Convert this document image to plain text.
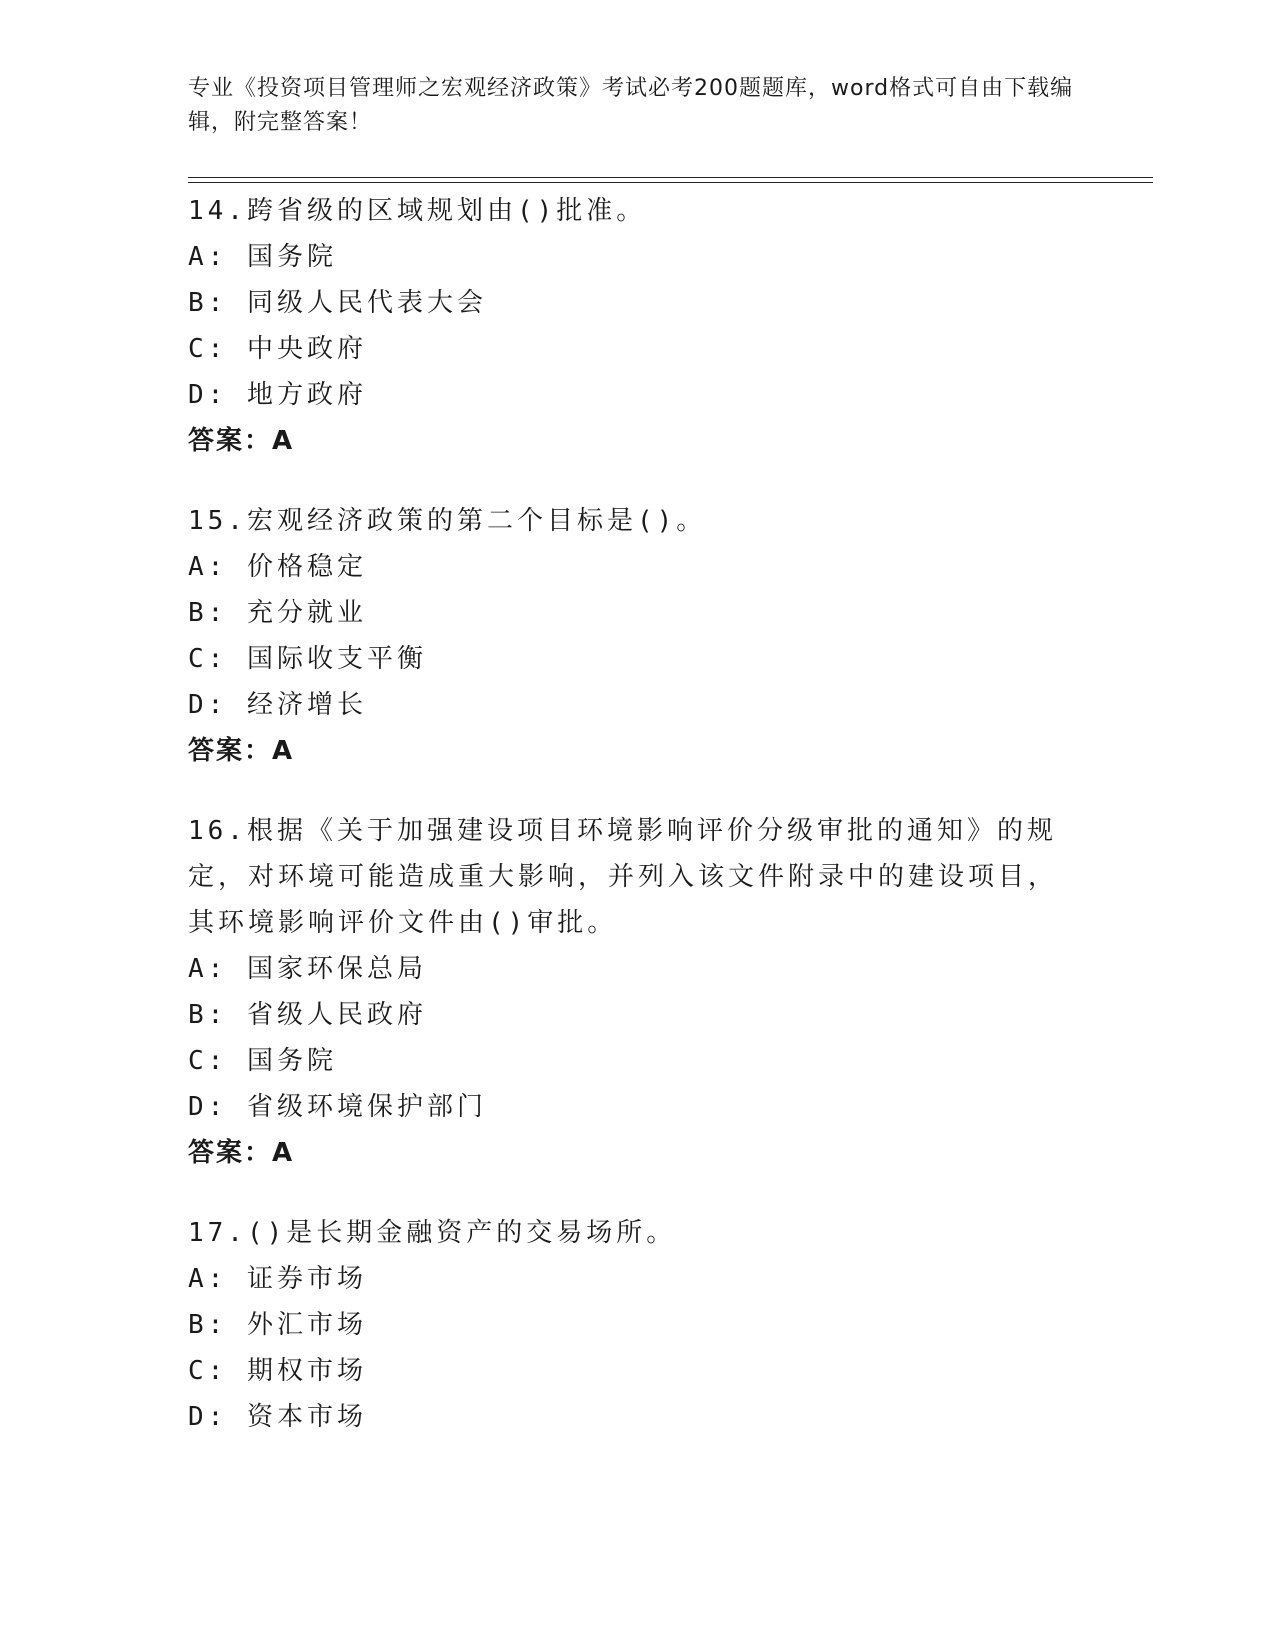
专业《投资项目管理师之宏观经济政策》考试必考200题题库，word格式可自由下载编辑，附完整答案！
14.跨省级的区域规划由()批准。
A: 国务院
B: 同级人民代表大会
C: 中央政府
D: 地方政府
答案：A
15.宏观经济政策的第二个目标是()。
A: 价格稳定
B: 充分就业
C: 国际收支平衡
D: 经济增长
答案：A
16.根据《关于加强建设项目环境影响评价分级审批的通知》的规定，对环境可能造成重大影响，并列入该文件附录中的建设项目，其环境影响评价文件由()审批。
A: 国家环保总局
B: 省级人民政府
C: 国务院
D: 省级环境保护部门
答案：A
17.()是长期金融资产的交易场所。
A: 证券市场
B: 外汇市场
C: 期权市场
D: 资本市场
